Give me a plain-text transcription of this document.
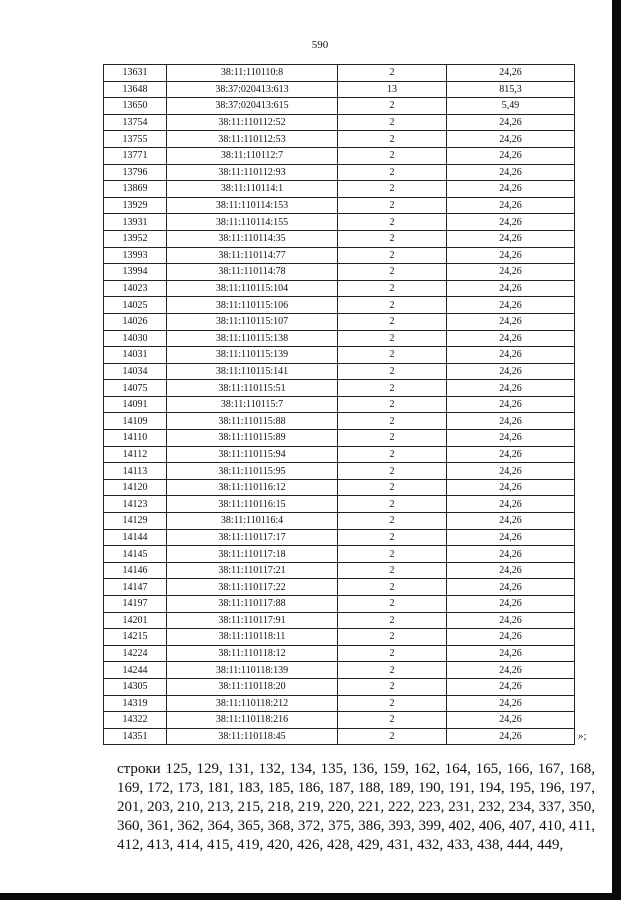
590
13631	38:11:110110:8	2	24,26
13648	38:37:020413:613	13	815,3
13650	38:37:020413:615	2	5,49
13754	38:11:110112:52	2	24,26
13755	38:11:110112:53	2	24,26
13771	38:11:110112:7	2	24,26
13796	38:11:110112:93	2	24,26
13869	38:11:110114:1	2	24,26
13929	38:11:110114:153	2	24,26
13931	38:11:110114:155	2	24,26
13952	38:11:110114:35	2	24,26
13993	38:11:110114:77	2	24,26
13994	38:11:110114:78	2	24,26
14023	38:11:110115:104	2	24,26
14025	38:11:110115:106	2	24,26
14026	38:11:110115:107	2	24,26
14030	38:11:110115:138	2	24,26
14031	38:11:110115:139	2	24,26
14034	38:11:110115:141	2	24,26
14075	38:11:110115:51	2	24,26
14091	38:11:110115:7	2	24,26
14109	38:11:110115:88	2	24,26
14110	38:11:110115:89	2	24,26
14112	38:11:110115:94	2	24,26
14113	38:11:110115:95	2	24,26
14120	38:11:110116:12	2	24,26
14123	38:11:110116:15	2	24,26
14129	38:11:110116:4	2	24,26
14144	38:11:110117:17	2	24,26
14145	38:11:110117:18	2	24,26
14146	38:11:110117:21	2	24,26
14147	38:11:110117:22	2	24,26
14197	38:11:110117:88	2	24,26
14201	38:11:110117:91	2	24,26
14215	38:11:110118:11	2	24,26
14224	38:11:110118:12	2	24,26
14244	38:11:110118:139	2	24,26
14305	38:11:110118:20	2	24,26
14319	38:11:110118:212	2	24,26
14322	38:11:110118:216	2	24,26
14351	38:11:110118:45	2	24,26	»;
строки 125, 129, 131, 132, 134, 135, 136, 159, 162, 164, 165, 166, 167, 168, 169, 172, 173, 181, 183, 185, 186, 187, 188, 189, 190, 191, 194, 195, 196, 197, 201, 203, 210, 213, 215, 218, 219, 220, 221, 222, 223, 231, 232, 234, 337, 350, 360, 361, 362, 364, 365, 368, 372, 375, 386, 393, 399, 402, 406, 407, 410, 411, 412, 413, 414, 415, 419, 420, 426, 428, 429, 431, 432, 433, 438, 444, 449,
